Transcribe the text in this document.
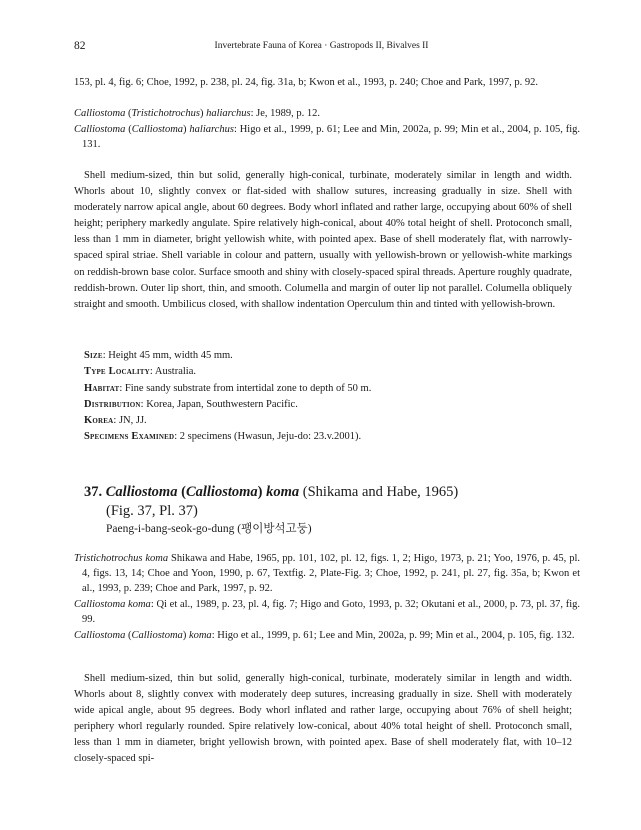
82	Invertebrate Fauna of Korea · Gastropods II, Bivalves II
153, pl. 4, fig. 6; Choe, 1992, p. 238, pl. 24, fig. 31a, b; Kwon et al., 1993, p. 240; Choe and Park, 1997, p. 92.
Calliostoma (Tristichotrochus) haliarchus: Je, 1989, p. 12.
Calliostoma (Calliostoma) haliarchus: Higo et al., 1999, p. 61; Lee and Min, 2002a, p. 99; Min et al., 2004, p. 105, fig. 131.
Shell medium-sized, thin but solid, generally high-conical, turbinate, moderately similar in length and width. Whorls about 10, slightly convex or flat-sided with shallow sutures, increasing gradually in size. Shell with moderately narrow apical angle, about 60 degrees. Body whorl inflated and rather large, occupying about 60% of shell height; periphery markedly angulate. Spire relatively high-conical, about 40% total height of shell. Protoconch small, less than 1 mm in diameter, bright yellowish white, with pointed apex. Base of shell moderately flat, with narrowly-spaced spiral striae. Shell variable in colour and pattern, usually with yellowish-brown or yellowish-white markings on reddish-brown base color. Surface smooth and shiny with closely-spaced spiral threads. Aperture roughly quadrate, reddish-brown. Outer lip short, thin, and smooth. Columella and margin of outer lip not parallel. Columella obliquely straight and smooth. Umbilicus closed, with shallow indentation Operculum thin and tinted with yellowish-brown.
Size: Height 45 mm, width 45 mm.
Type Locality: Australia.
Habitat: Fine sandy substrate from intertidal zone to depth of 50 m.
Distribution: Korea, Japan, Southwestern Pacific.
Korea: JN, JJ.
Specimens Examined: 2 specimens (Hwasun, Jeju-do: 23.v.2001).
37. Calliostoma (Calliostoma) koma (Shikama and Habe, 1965)
(Fig. 37, Pl. 37)
Paeng-i-bang-seok-go-dung (팽이방석고둥)
Tristichotrochus koma Shikawa and Habe, 1965, pp. 101, 102, pl. 12, figs. 1, 2; Higo, 1973, p. 21; Yoo, 1976, p. 45, pl. 4, figs. 13, 14; Choe and Yoon, 1990, p. 67, Textfig. 2, Plate-Fig. 3; Choe, 1992, p. 241, pl. 27, fig. 35a, b; Kwon et al., 1993, p. 239; Choe and Park, 1997, p. 92.
Calliostoma koma: Qi et al., 1989, p. 23, pl. 4, fig. 7; Higo and Goto, 1993, p. 32; Okutani et al., 2000, p. 73, pl. 37, fig. 99.
Calliostoma (Calliostoma) koma: Higo et al., 1999, p. 61; Lee and Min, 2002a, p. 99; Min et al., 2004, p. 105, fig. 132.
Shell medium-sized, thin but solid, generally high-conical, turbinate, moderately similar in length and width. Whorls about 8, slightly convex with moderately deep sutures, increasing gradually in size. Shell with moderately wide apical angle, about 95 degrees. Body whorl inflated and rather large, occupying about 76% of shell height; periphery whorl regularly rounded. Spire relatively low-conical, about 40% total height of shell. Protoconch small, less than 1 mm in diameter, bright yellowish brown, with pointed apex. Base of shell moderately flat, with 10–12 closely-spaced spi-
